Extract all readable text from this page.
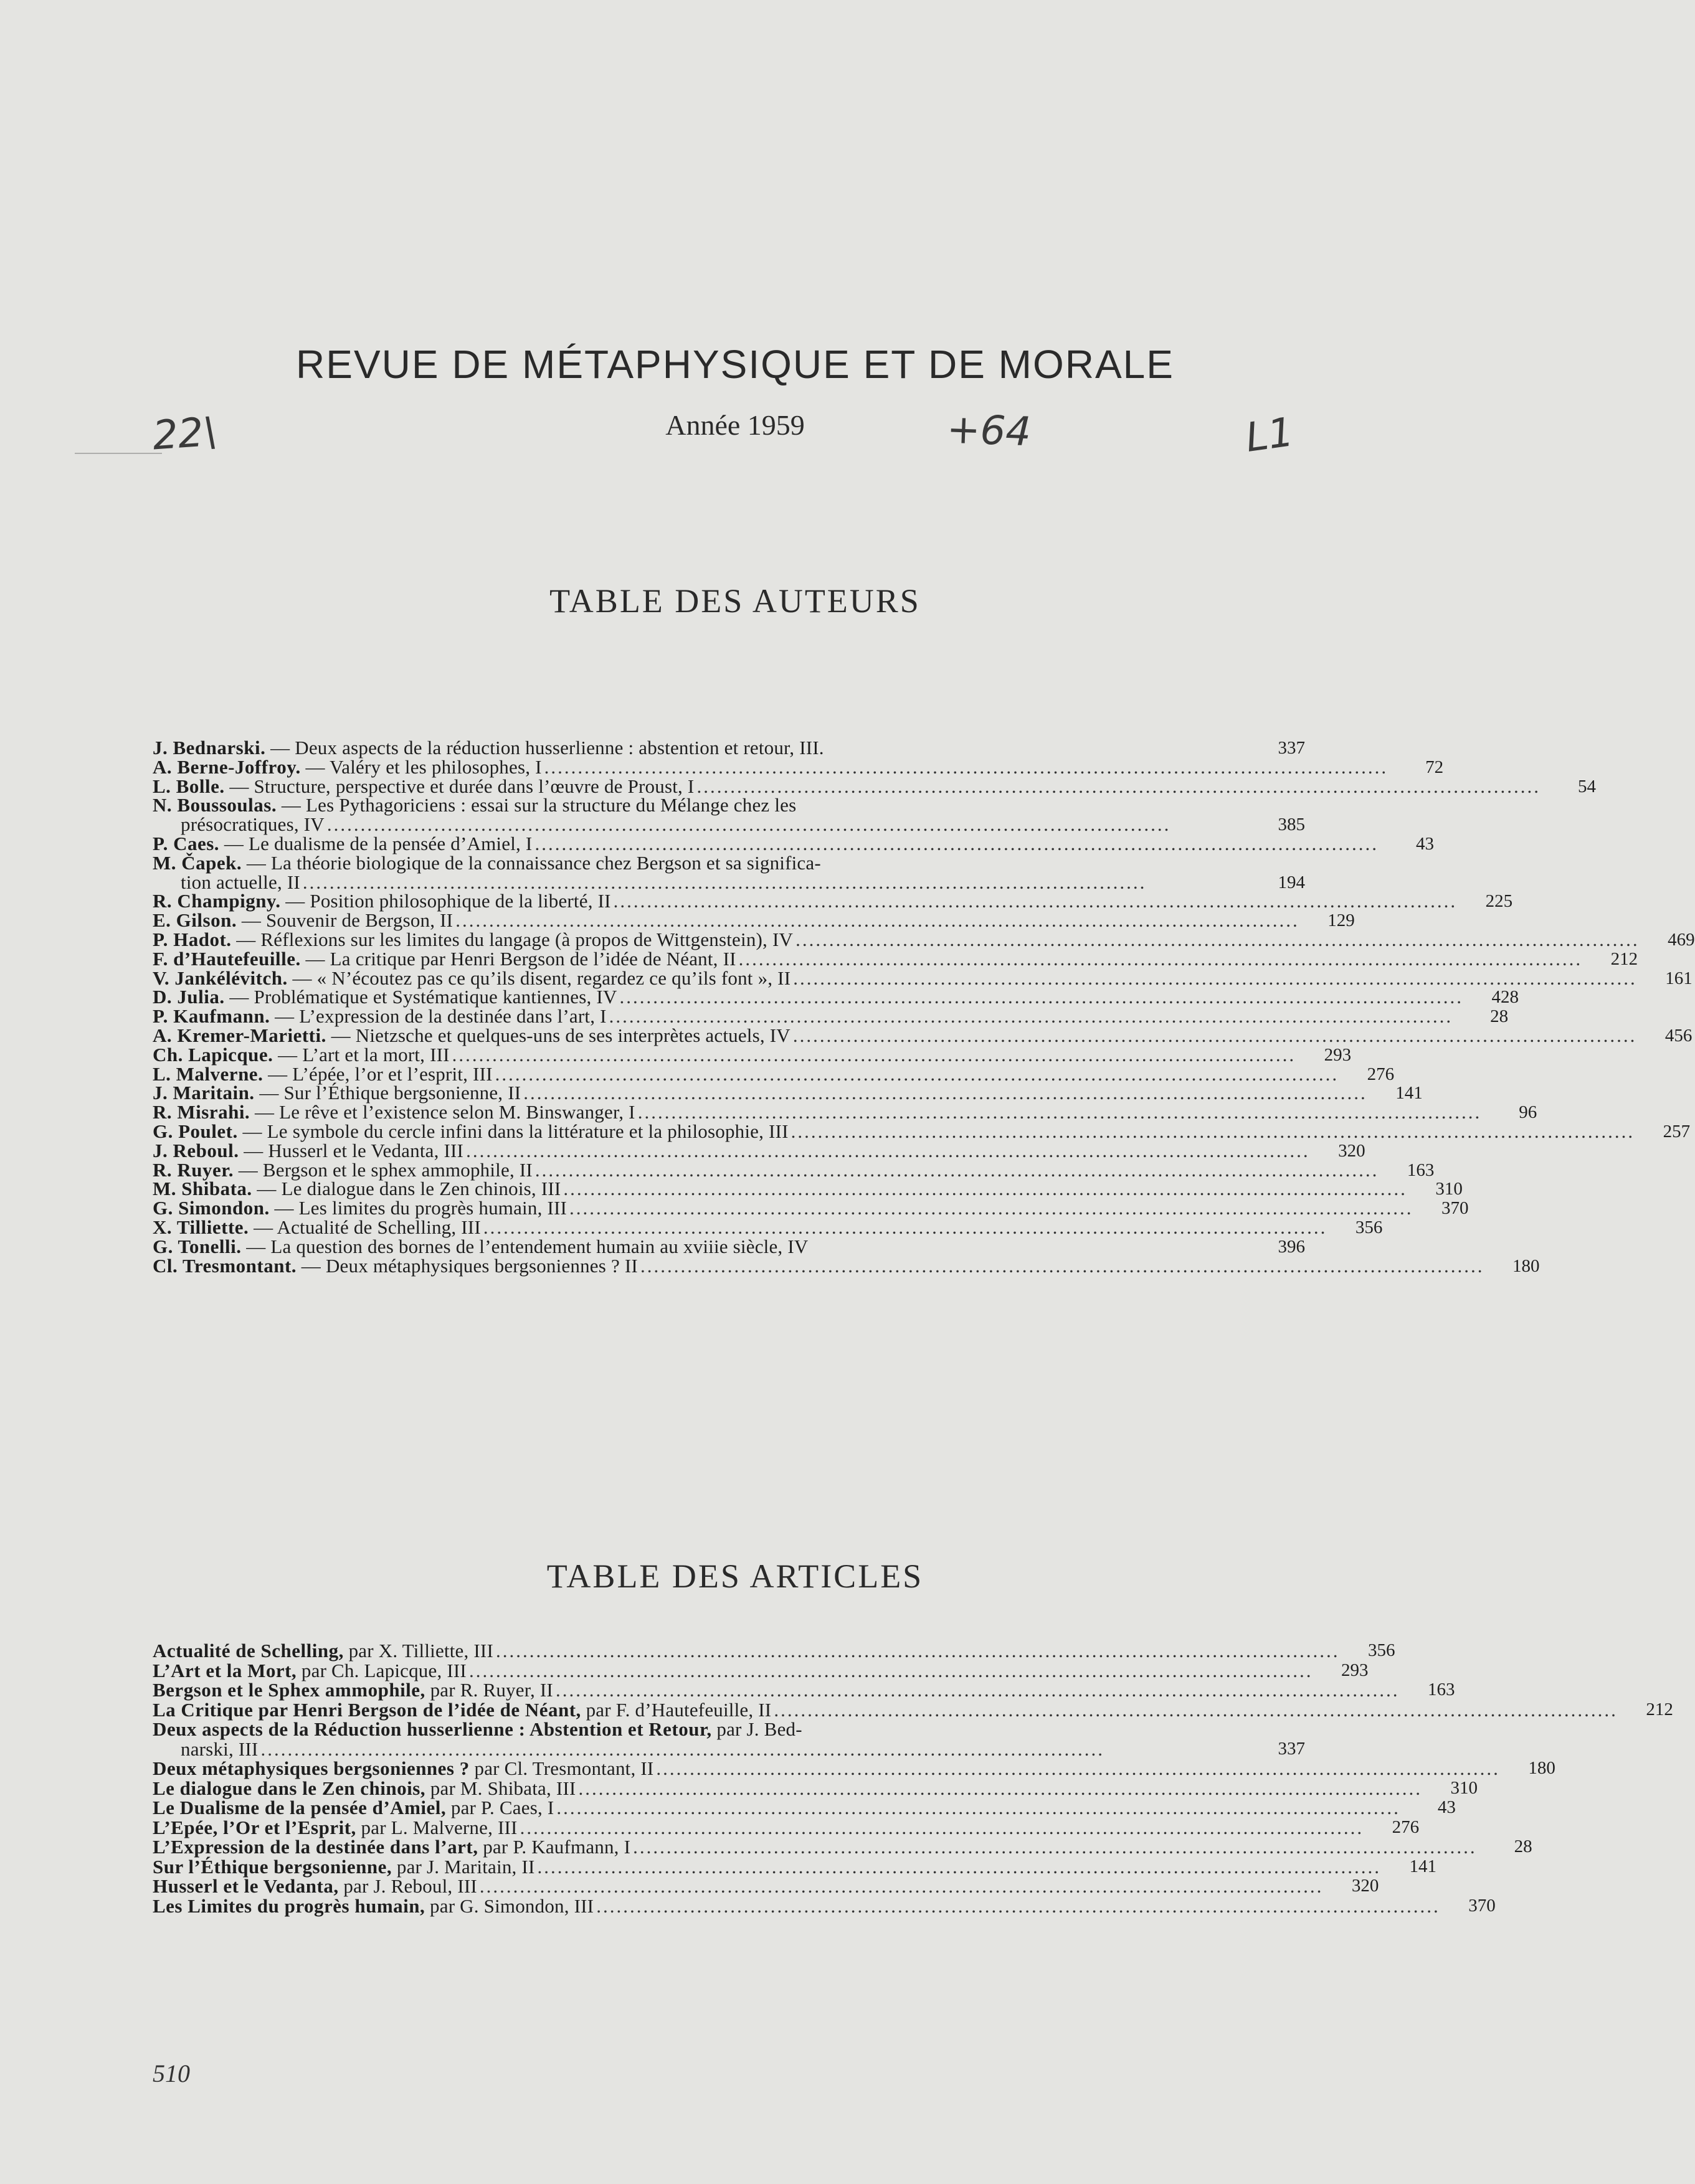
REVUE DE MÉTAPHYSIQUE ET DE MORALE
22\	Année 1959	+64	L1
TABLE DES AUTEURS
J. Bednarski. — Deux aspects de la réduction husserlienne : abstention et retour, III.	337
A. Berne-Joffroy. — Valéry et les philosophes, I ..............................................................................................................................	72
L. Bolle. — Structure, perspective et durée dans l’œuvre de Proust, I ..............................................................................................................................	54
N. Boussoulas. — Les Pythagoriciens : essai sur la structure du Mélange chez les
présocratiques, IV ..............................................................................................................................	385
P. Caes. — Le dualisme de la pensée d’Amiel, I ..............................................................................................................................	43
M. Čapek. — La théorie biologique de la connaissance chez Bergson et sa significa-
tion actuelle, II ..............................................................................................................................	194
R. Champigny. — Position philosophique de la liberté, II ..............................................................................................................................	225
E. Gilson. — Souvenir de Bergson, II ..............................................................................................................................	129
P. Hadot. — Réflexions sur les limites du langage (à propos de Wittgenstein), IV ..............................................................................................................................	469
F. d’Hautefeuille. — La critique par Henri Bergson de l’idée de Néant, II ..............................................................................................................................	212
V. Jankélévitch. — « N’écoutez pas ce qu’ils disent, regardez ce qu’ils font », II ..............................................................................................................................	161
D. Julia. — Problématique et Systématique kantiennes, IV ..............................................................................................................................	428
P. Kaufmann. — L’expression de la destinée dans l’art, I ..............................................................................................................................	28
A. Kremer-Marietti. — Nietzsche et quelques-uns de ses interprètes actuels, IV ..............................................................................................................................	456
Ch. Lapicque. — L’art et la mort, III ..............................................................................................................................	293
L. Malverne. — L’épée, l’or et l’esprit, III ..............................................................................................................................	276
J. Maritain. — Sur l’Éthique bergsonienne, II ..............................................................................................................................	141
R. Misrahi. — Le rêve et l’existence selon M. Binswanger, I ..............................................................................................................................	96
G. Poulet. — Le symbole du cercle infini dans la littérature et la philosophie, III ..............................................................................................................................	257
J. Reboul. — Husserl et le Vedanta, III ..............................................................................................................................	320
R. Ruyer. — Bergson et le sphex ammophile, II ..............................................................................................................................	163
M. Shibata. — Le dialogue dans le Zen chinois, III ..............................................................................................................................	310
G. Simondon. — Les limites du progrès humain, III ..............................................................................................................................	370
X. Tilliette. — Actualité de Schelling, III ..............................................................................................................................	356
G. Tonelli. — La question des bornes de l’entendement humain au xviiie siècle, IV	396
Cl. Tresmontant. — Deux métaphysiques bergsoniennes ? II ..............................................................................................................................	180
TABLE DES ARTICLES
Actualité de Schelling, par X. Tilliette, III ..............................................................................................................................	356
L’Art et la Mort, par Ch. Lapicque, III ..............................................................................................................................	293
Bergson et le Sphex ammophile, par R. Ruyer, II ..............................................................................................................................	163
La Critique par Henri Bergson de l’idée de Néant, par F. d’Hautefeuille, II ..............................................................................................................................	212
Deux aspects de la Réduction husserlienne : Abstention et Retour, par J. Bed-
narski, III ..............................................................................................................................	337
Deux métaphysiques bergsoniennes ? par Cl. Tresmontant, II ..............................................................................................................................	180
Le dialogue dans le Zen chinois, par M. Shibata, III ..............................................................................................................................	310
Le Dualisme de la pensée d’Amiel, par P. Caes, I ..............................................................................................................................	43
L’Epée, l’Or et l’Esprit, par L. Malverne, III ..............................................................................................................................	276
L’Expression de la destinée dans l’art, par P. Kaufmann, I ..............................................................................................................................	28
Sur l’Éthique bergsonienne, par J. Maritain, II ..............................................................................................................................	141
Husserl et le Vedanta, par J. Reboul, III ..............................................................................................................................	320
Les Limites du progrès humain, par G. Simondon, III ..............................................................................................................................	370
510
